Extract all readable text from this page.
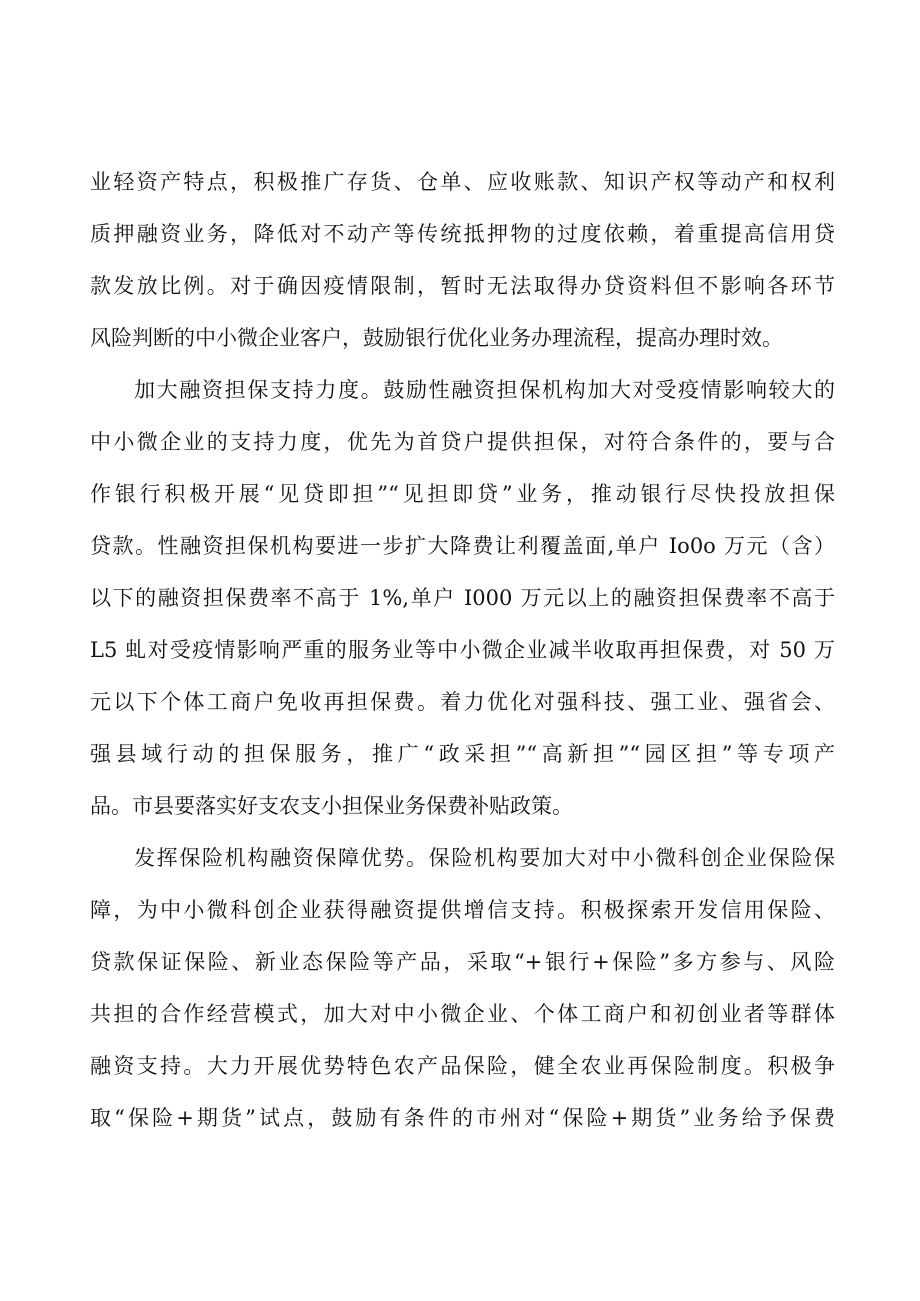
业轻资产特点，积极推广存货、仓单、应收账款、知识产权等动产和权利
质押融资业务，降低对不动产等传统抵押物的过度依赖，着重提高信用贷
款发放比例。对于确因疫情限制，暂时无法取得办贷资料但不影响各环节
风险判断的中小微企业客户，鼓励银行优化业务办理流程，提高办理时效。
加大融资担保支持力度。鼓励性融资担保机构加大对受疫情影响较大的
中小微企业的支持力度，优先为首贷户提供担保，对符合条件的，要与合
作银行积极开展“见贷即担”“见担即贷”业务，推动银行尽快投放担保
贷款。性融资担保机构要进一步扩大降费让利覆盖面,单户 Io0o 万元（含）
以下的融资担保费率不高于 1%,单户 I000 万元以上的融资担保费率不高于
L5 虬对受疫情影响严重的服务业等中小微企业减半收取再担保费，对 50 万
元以下个体工商户免收再担保费。着力优化对强科技、强工业、强省会、
强县域行动的担保服务，推广“政采担”“高新担”“园区担”等专项产
品。市县要落实好支农支小担保业务保费补贴政策。
发挥保险机构融资保障优势。保险机构要加大对中小微科创企业保险保
障，为中小微科创企业获得融资提供增信支持。积极探索开发信用保险、
贷款保证保险、新业态保险等产品，采取“+银行+保险”多方参与、风险
共担的合作经营模式，加大对中小微企业、个体工商户和初创业者等群体
融资支持。大力开展优势特色农产品保险，健全农业再保险制度。积极争
取“保险+期货”试点，鼓励有条件的市州对“保险+期货”业务给予保费
